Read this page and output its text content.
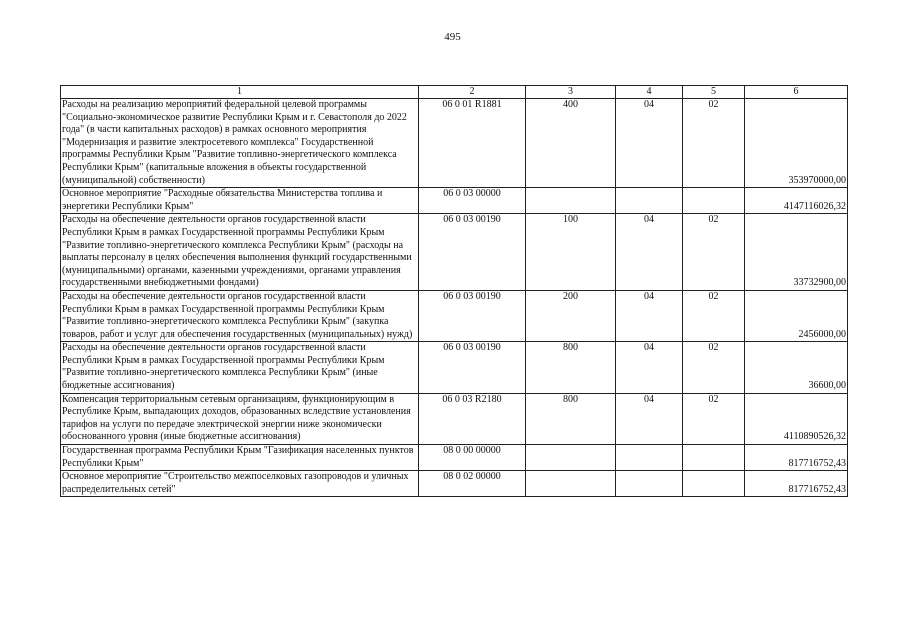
495
1	2	3	4	5	6
Расходы на реализацию мероприятий федеральной целевой программы "Социально-экономическое развитие Республики Крым и г. Севастополя до 2022 года" (в части капитальных расходов) в рамках основного мероприятия "Модернизация и развитие электросетевого комплекса" Государственной программы Республики Крым "Развитие топливно-энергетического комплекса Республики Крым" (капитальные вложения в объекты государственной (муниципальной) собственности)	06 0 01 R1881	400	04	02	353970000,00
Основное мероприятие "Расходные обязательства Министерства топлива и энергетики Республики Крым"	06 0 03 00000				4147116026,32
Расходы на обеспечение деятельности органов государственной власти Республики Крым в рамках Государственной программы Республики Крым "Развитие топливно-энергетического комплекса Республики Крым" (расходы на выплаты персоналу в целях обеспечения выполнения функций государственными (муниципальными) органами, казенными учреждениями, органами управления государственными внебюджетными фондами)	06 0 03 00190	100	04	02	33732900,00
Расходы на обеспечение деятельности органов государственной власти Республики Крым в рамках Государственной программы Республики Крым "Развитие топливно-энергетического комплекса Республики Крым" (закупка товаров, работ и услуг для обеспечения государственных (муниципальных) нужд)	06 0 03 00190	200	04	02	2456000,00
Расходы на обеспечение деятельности органов государственной власти Республики Крым в рамках Государственной программы Республики Крым "Развитие топливно-энергетического комплекса Республики Крым" (иные бюджетные ассигнования)	06 0 03 00190	800	04	02	36600,00
Компенсация территориальным сетевым организациям, функционирующим в Республике Крым, выпадающих доходов, образованных вследствие установления тарифов на услуги по передаче электрической энергии ниже экономически обоснованного уровня (иные бюджетные ассигнования)	06 0 03 R2180	800	04	02	4110890526,32
Государственная программа Республики Крым "Газификация населенных пунктов Республики Крым"	08 0 00 00000				817716752,43
Основное мероприятие "Строительство межпоселковых газопроводов и уличных распределительных сетей"	08 0 02 00000				817716752,43
